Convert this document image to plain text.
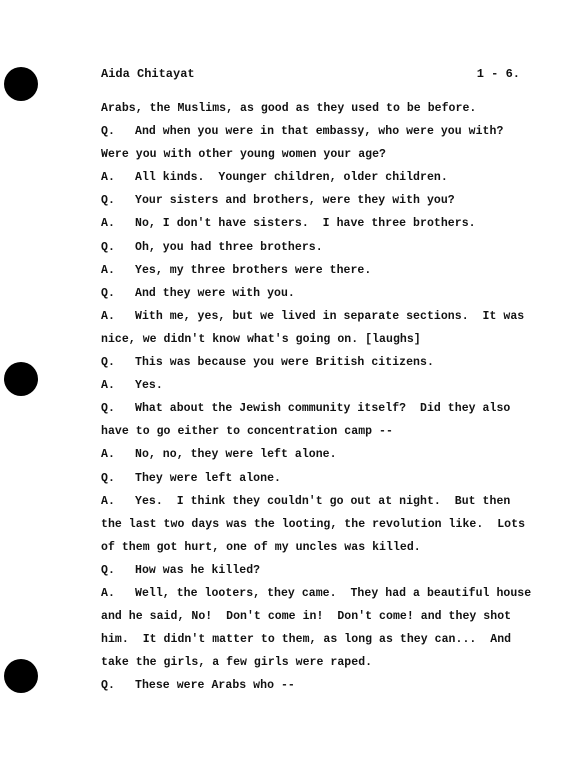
Aida Chitayat	1 - 6.
Arabs, the Muslims, as good as they used to be before.
Q. And when you were in that embassy, who were you with?
Were you with other young women your age?
A. All kinds.  Younger children, older children.
Q. Your sisters and brothers, were they with you?
A. No, I don't have sisters.  I have three brothers.
Q. Oh, you had three brothers.
A. Yes, my three brothers were there.
Q. And they were with you.
A. With me, yes, but we lived in separate sections.  It was
nice, we didn't know what's going on. [laughs]
Q. This was because you were British citizens.
A. Yes.
Q. What about the Jewish community itself?  Did they also
have to go either to concentration camp --
A. No, no, they were left alone.
Q. They were left alone.
A. Yes.  I think they couldn't go out at night.  But then
the last two days was the looting, the revolution like.  Lots
of them got hurt, one of my uncles was killed.
Q. How was he killed?
A. Well, the looters, they came.  They had a beautiful house
and he said, No!  Don't come in!  Don't come! and they shot
him.  It didn't matter to them, as long as they can...  And
take the girls, a few girls were raped.
Q. These were Arabs who --
